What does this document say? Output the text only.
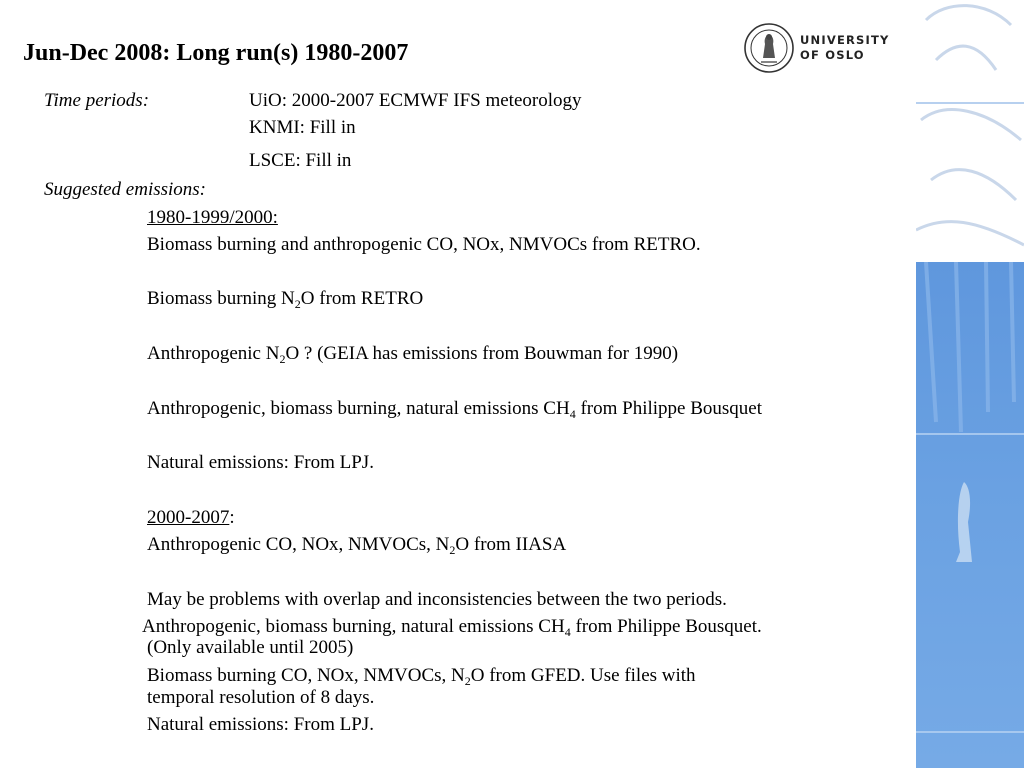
Jun-Dec 2008: Long run(s) 1980-2007	UNIVERSITY
OF OSLO
Time periods:	UiO: 2000-2007 ECMWF IFS meteorology
KNMI: Fill in
LSCE: Fill in
Suggested emissions:
1980-1999/2000:
Biomass burning and anthropogenic CO, NOx, NMVOCs from RETRO.
Biomass burning $N_2O$ from RETRO
Anthropogenic $N_2O$ ? (GEIA has emissions from Bouwman for 1990)
Anthropogenic, biomass burning, natural emissions $CH_4$ from Philippe Bousquet
Natural emissions: From LPJ.
2000-2007:
Anthropogenic CO, NOx, NMVOCs, $N_2O$ from IIASA
May be problems with overlap and inconsistencies between the two periods.
Anthropogenic, biomass burning, natural emissions $CH_4$ from Philippe Bousquet.
(Only available until 2005)
Biomass burning CO, NOx, NMVOCs, $N_2O$ from GFED. Use files with
temporal resolution of 8 days.
Natural emissions: From LPJ.
